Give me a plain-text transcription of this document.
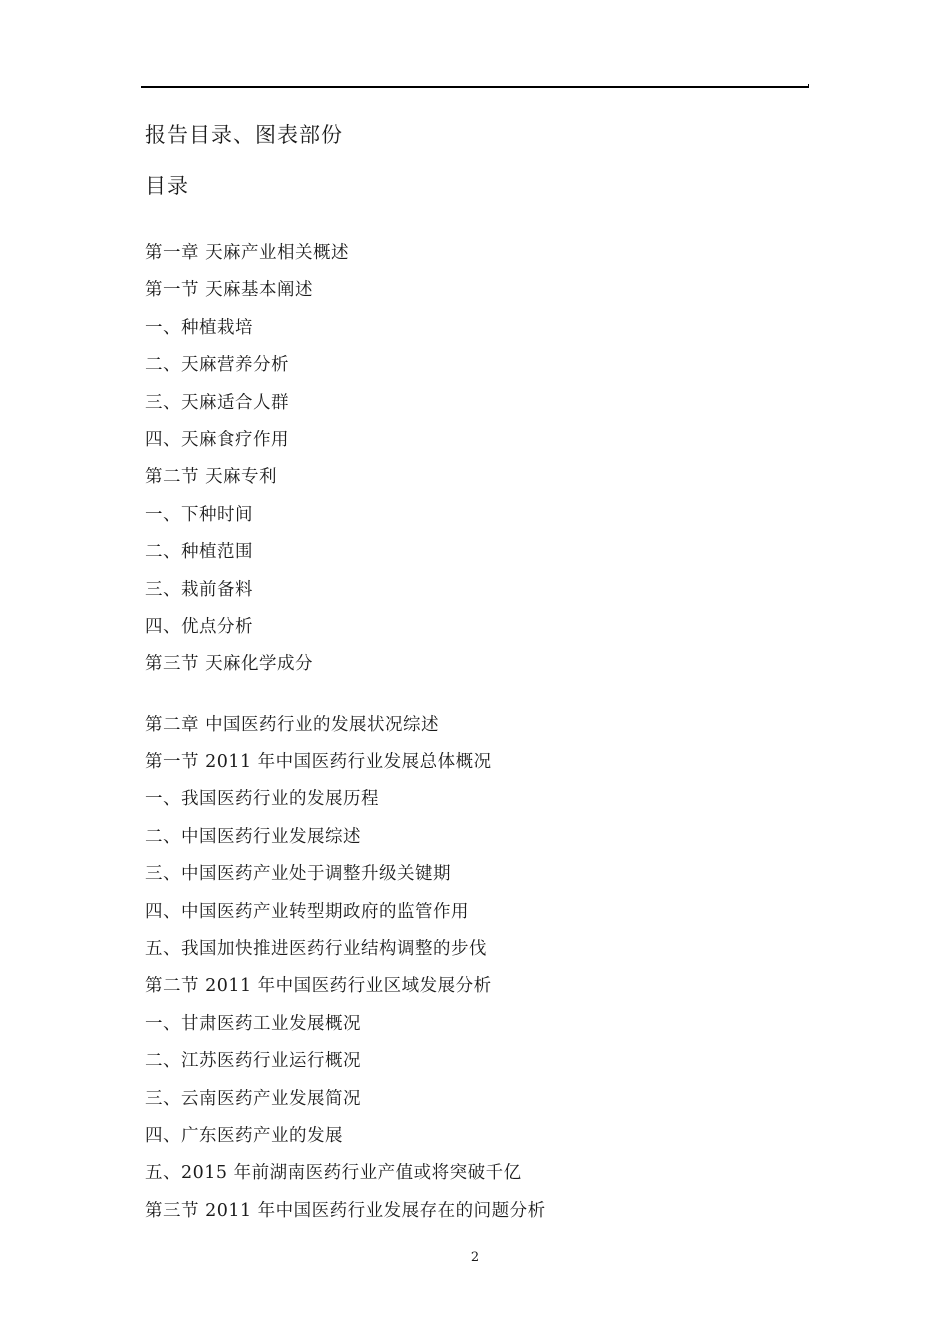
报告目录、图表部份
目录
第一章 天麻产业相关概述
第一节 天麻基本阐述
一、种植栽培
二、天麻营养分析
三、天麻适合人群
四、天麻食疗作用
第二节 天麻专利
一、下种时间
二、种植范围
三、栽前备料
四、优点分析
第三节 天麻化学成分
第二章 中国医药行业的发展状况综述
第一节 2011 年中国医药行业发展总体概况
一、我国医药行业的发展历程
二、中国医药行业发展综述
三、中国医药产业处于调整升级关键期
四、中国医药产业转型期政府的监管作用
五、我国加快推进医药行业结构调整的步伐
第二节 2011 年中国医药行业区域发展分析
一、甘肃医药工业发展概况
二、江苏医药行业运行概况
三、云南医药产业发展简况
四、广东医药产业的发展
五、2015 年前湖南医药行业产值或将突破千亿
第三节 2011 年中国医药行业发展存在的问题分析
2
